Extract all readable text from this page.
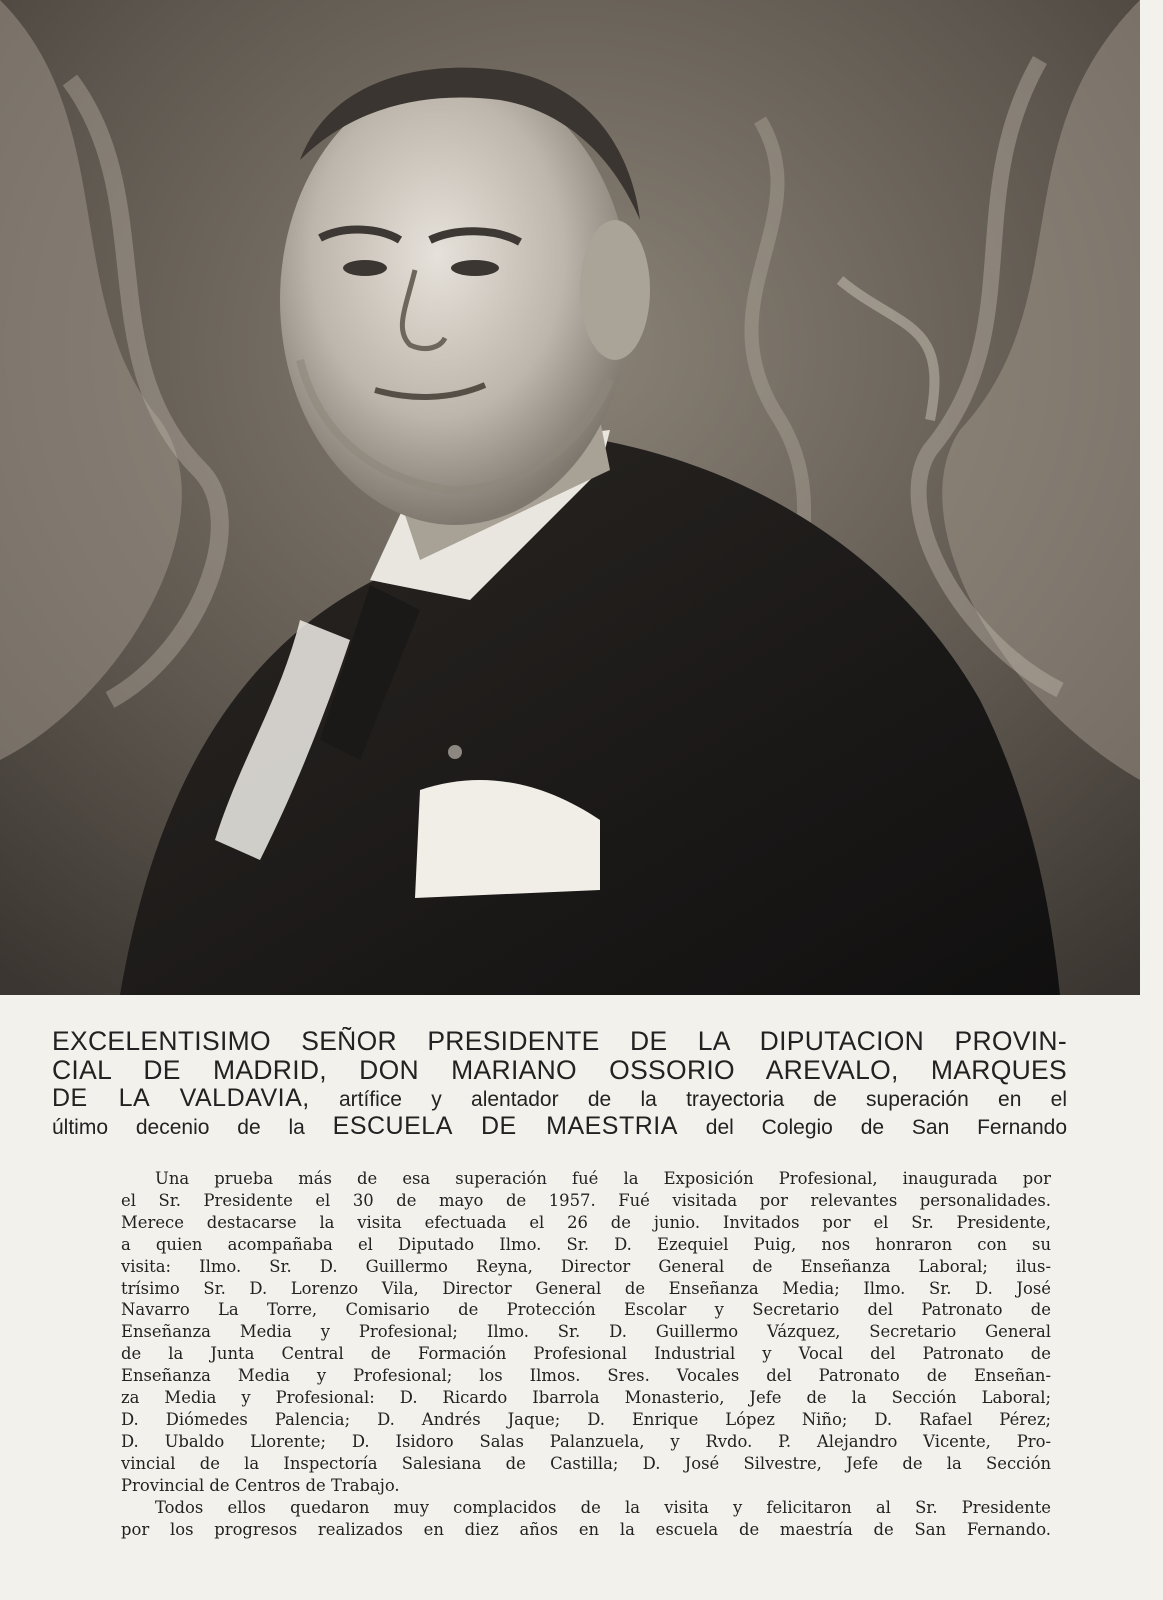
EXCELENTISIMO SEÑOR PRESIDENTE DE LA DIPUTACION PROVIN-
CIAL DE MADRID, DON MARIANO OSSORIO AREVALO, MARQUES
DE LA VALDAVIA, artífice y alentador de la trayectoria de superación en el
último decenio de la ESCUELA DE MAESTRIA del Colegio de San Fernando
Una prueba más de esa superación fué la Exposición Profesional, inaugurada por
el Sr. Presidente el 30 de mayo de 1957. Fué visitada por relevantes personalidades.
Merece destacarse la visita efectuada el 26 de junio. Invitados por el Sr. Presidente,
a quien acompañaba el Diputado Ilmo. Sr. D. Ezequiel Puig, nos honraron con su
visita: Ilmo. Sr. D. Guillermo Reyna, Director General de Enseñanza Laboral; ilus-
trísimo Sr. D. Lorenzo Vila, Director General de Enseñanza Media; Ilmo. Sr. D. José
Navarro La Torre, Comisario de Protección Escolar y Secretario del Patronato de
Enseñanza Media y Profesional; Ilmo. Sr. D. Guillermo Vázquez, Secretario General
de la Junta Central de Formación Profesional Industrial y Vocal del Patronato de
Enseñanza Media y Profesional; los Ilmos. Sres. Vocales del Patronato de Enseñan-
za Media y Profesional: D. Ricardo Ibarrola Monasterio, Jefe de la Sección Laboral;
D. Diómedes Palencia; D. Andrés Jaque; D. Enrique López Niño; D. Rafael Pérez;
D. Ubaldo Llorente; D. Isidoro Salas Palanzuela, y Rvdo. P. Alejandro Vicente, Pro-
vincial de la Inspectoría Salesiana de Castilla; D. José Silvestre, Jefe de la Sección
Provincial de Centros de Trabajo.
Todos ellos quedaron muy complacidos de la visita y felicitaron al Sr. Presidente
por los progresos realizados en diez años en la escuela de maestría de San Fernando.
